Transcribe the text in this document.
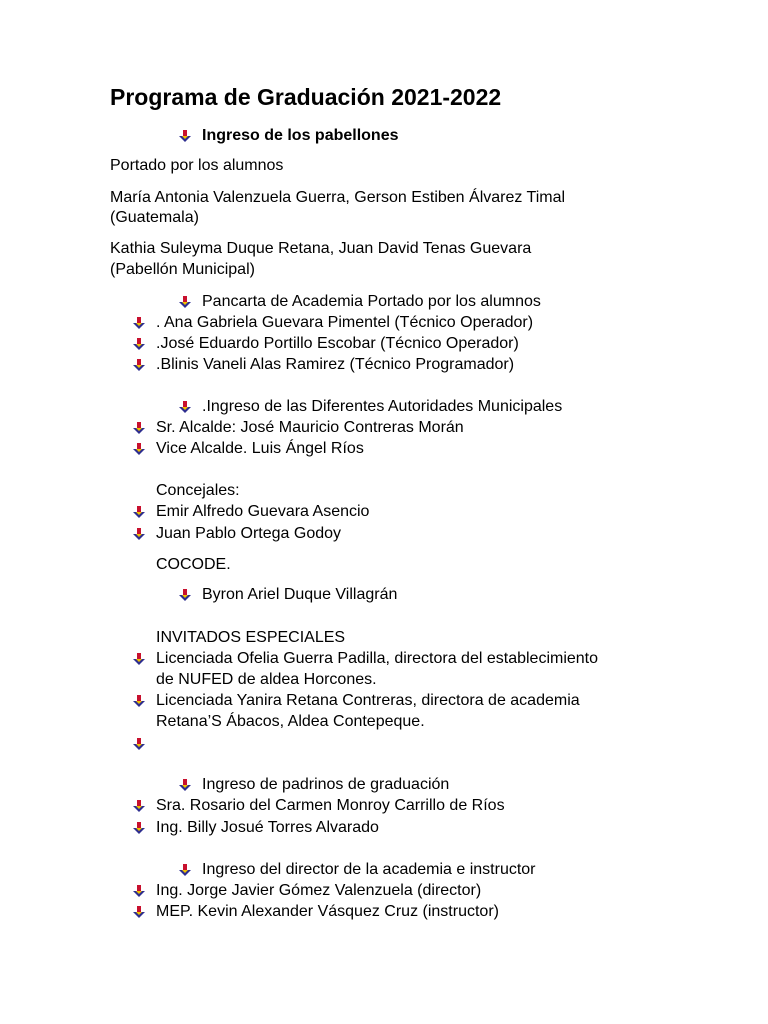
Programa de Graduación 2021-2022
Ingreso de los pabellones
Portado por los alumnos
María Antonia Valenzuela Guerra, Gerson Estiben Álvarez Timal
(Guatemala)
Kathia Suleyma Duque Retana, Juan David Tenas Guevara
(Pabellón Municipal)
Pancarta de Academia Portado por los alumnos
. Ana Gabriela Guevara Pimentel (Técnico Operador)
.José Eduardo Portillo Escobar (Técnico Operador)
.Blinis Vaneli Alas Ramirez (Técnico Programador)
.Ingreso de las Diferentes Autoridades Municipales
Sr. Alcalde: José Mauricio Contreras Morán
Vice Alcalde. Luis Ángel Ríos
Concejales:
Emir Alfredo Guevara Asencio
Juan Pablo Ortega Godoy
COCODE.
Byron Ariel Duque Villagrán
INVITADOS ESPECIALES
Licenciada Ofelia Guerra Padilla, directora del establecimiento
de NUFED de aldea Horcones.
Licenciada Yanira Retana Contreras, directora de academia
Retana’S Ábacos, Aldea Contepeque.
Ingreso de padrinos de graduación
Sra. Rosario del Carmen Monroy Carrillo de Ríos
Ing. Billy Josué Torres Alvarado
Ingreso del director de la academia e instructor
Ing. Jorge Javier Gómez Valenzuela (director)
MEP. Kevin Alexander Vásquez Cruz (instructor)
